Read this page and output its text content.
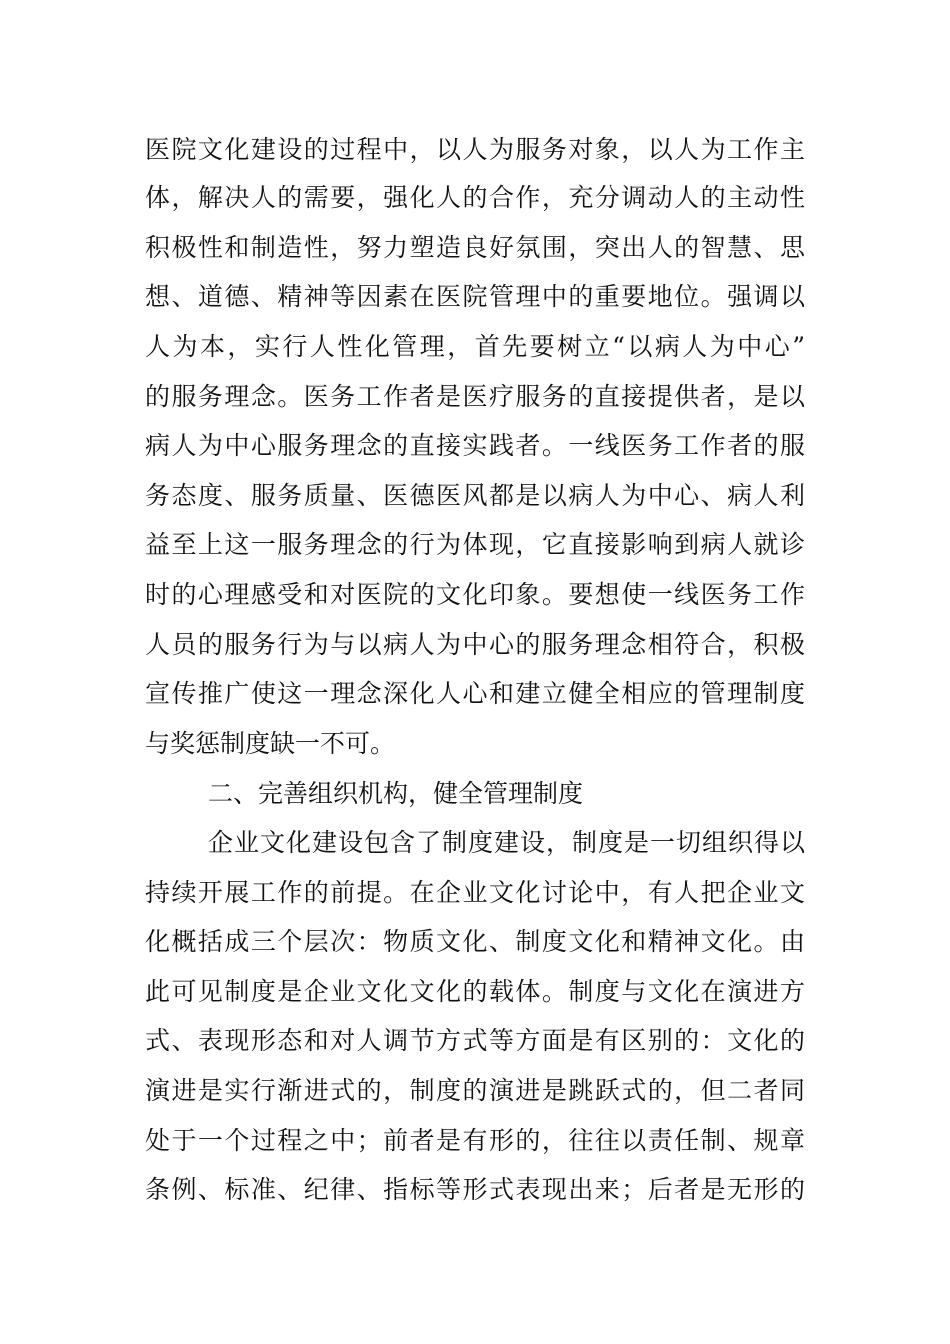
医院文化建设的过程中，以人为服务对象，以人为工作主
体，解决人的需要，强化人的合作，充分调动人的主动性
积极性和制造性，努力塑造良好氛围，突出人的智慧、思
想、道德、精神等因素在医院管理中的重要地位。强调以
人为本，实行人性化管理，首先要树立“以病人为中心”
的服务理念。医务工作者是医疗服务的直接提供者，是以
病人为中心服务理念的直接实践者。一线医务工作者的服
务态度、服务质量、医德医风都是以病人为中心、病人利
益至上这一服务理念的行为体现，它直接影响到病人就诊
时的心理感受和对医院的文化印象。要想使一线医务工作
人员的服务行为与以病人为中心的服务理念相符合，积极
宣传推广使这一理念深化人心和建立健全相应的管理制度
与奖惩制度缺一不可。
二、完善组织机构，健全管理制度
企业文化建设包含了制度建设，制度是一切组织得以
持续开展工作的前提。在企业文化讨论中，有人把企业文
化概括成三个层次：物质文化、制度文化和精神文化。由
此可见制度是企业文化文化的载体。制度与文化在演进方
式、表现形态和对人调节方式等方面是有区别的：文化的
演进是实行渐进式的，制度的演进是跳跃式的，但二者同
处于一个过程之中；前者是有形的，往往以责任制、规章
条例、标准、纪律、指标等形式表现出来；后者是无形的
